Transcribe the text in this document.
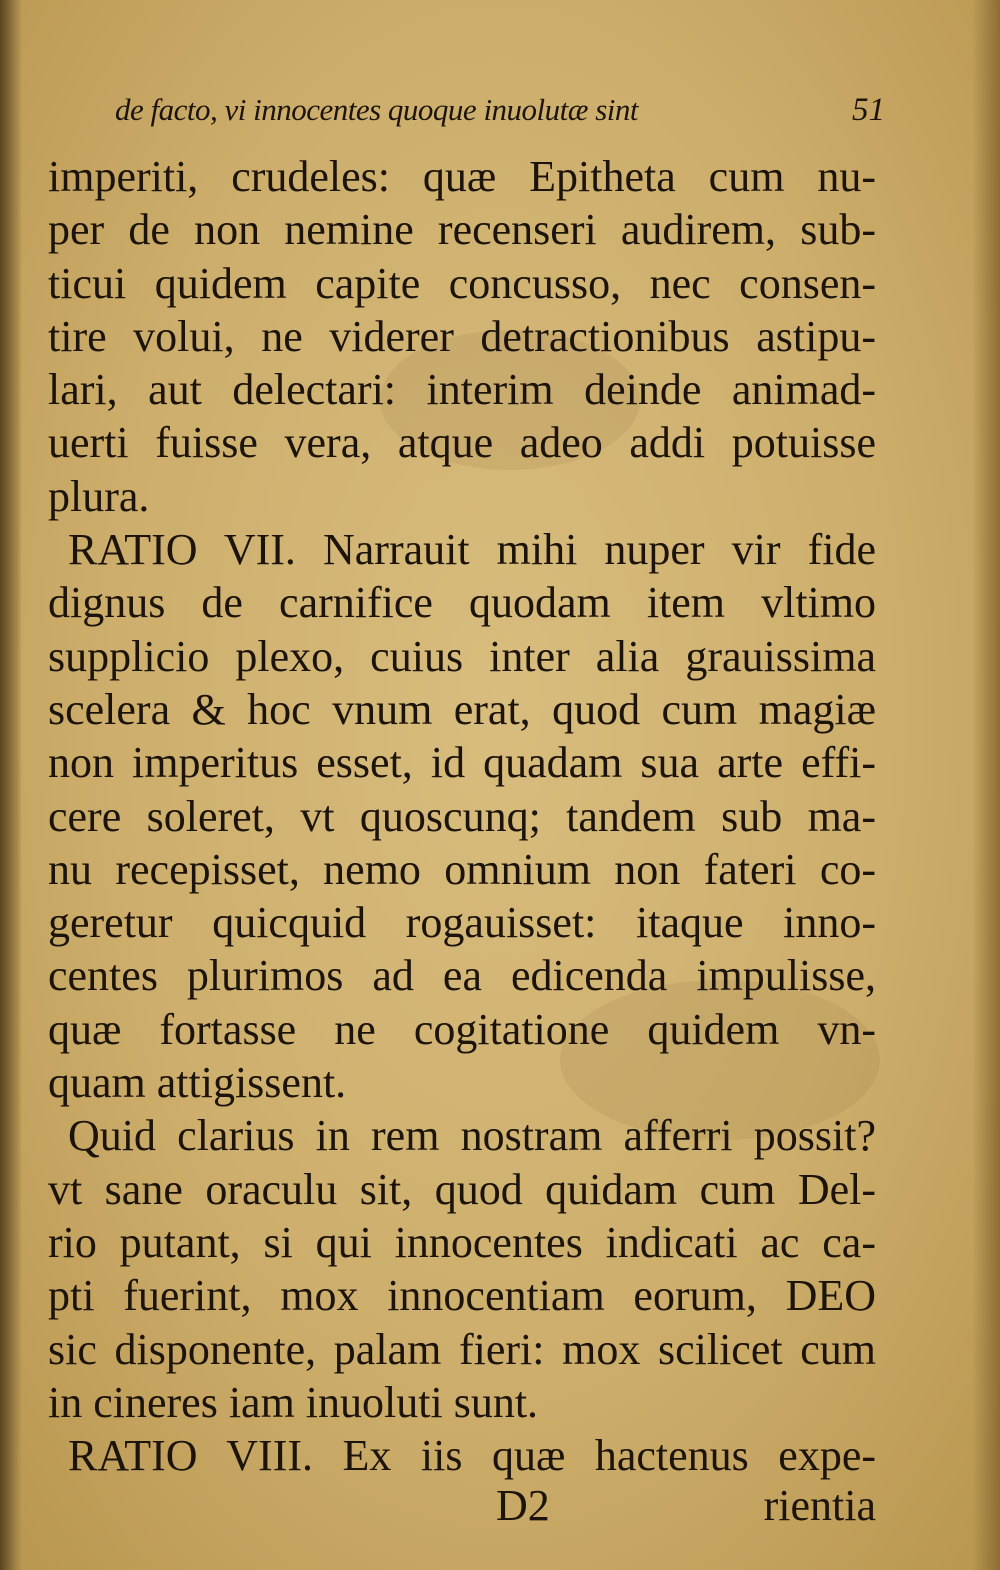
de facto, vi innocentes quoque inuolutæ sint	51
imperiti, crudeles: quæ Epitheta cum nu-
per de non nemine recenseri audirem, sub-
ticui quidem capite concusso, nec consen-
tire volui, ne viderer detractionibus astipu-
lari, aut delectari: interim deinde animad-
uerti fuisse vera, atque adeo addi potuisse
plura.
RATIO VII. Narrauit mihi nuper vir fide
dignus de carnifice quodam item vltimo
supplicio plexo, cuius inter alia grauissima
scelera & hoc vnum erat, quod cum magiæ
non imperitus esset, id quadam sua arte effi-
cere soleret, vt quoscunq; tandem sub ma-
nu recepisset, nemo omnium non fateri co-
geretur quicquid rogauisset: itaque inno-
centes plurimos ad ea edicenda impulisse,
quæ fortasse ne cogitatione quidem vn-
quam attigissent.
Quid clarius in rem nostram afferri possit?
vt sane oraculu sit, quod quidam cum Del-
rio putant, si qui innocentes indicati ac ca-
pti fuerint, mox innocentiam eorum, DEO
sic disponente, palam fieri: mox scilicet cum
in cineres iam inuoluti sunt.
RATIO VIII. Ex iis quæ hactenus expe-
D2	rientia
